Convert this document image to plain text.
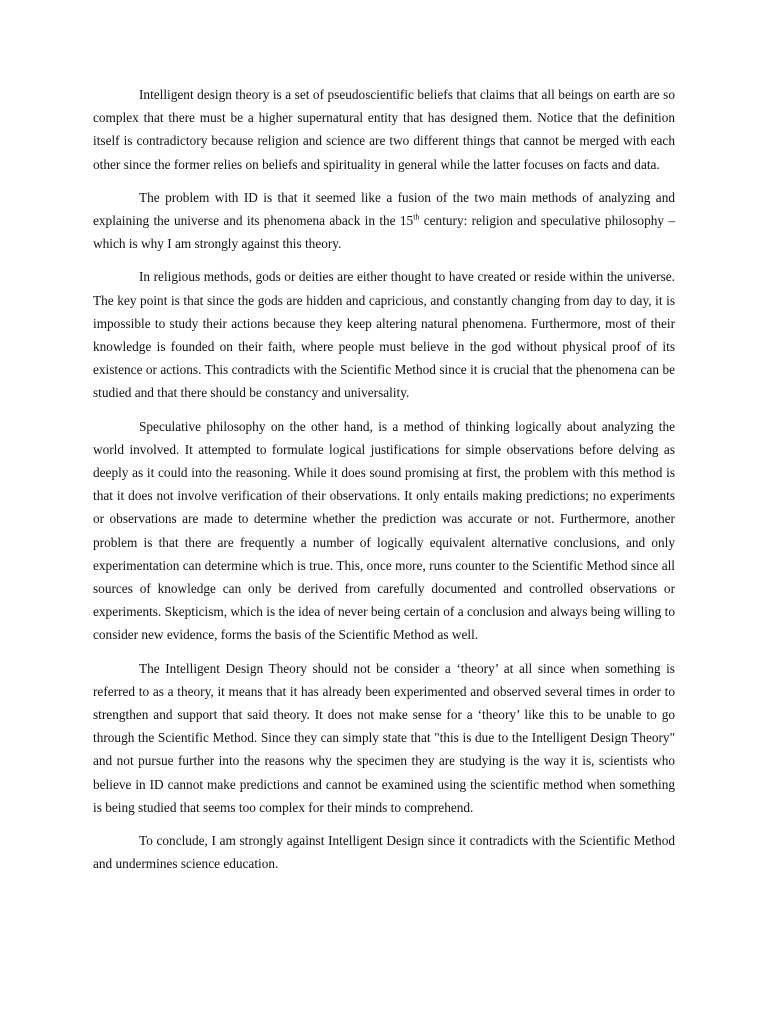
Intelligent design theory is a set of pseudoscientific beliefs that claims that all beings on earth are so complex that there must be a higher supernatural entity that has designed them. Notice that the definition itself is contradictory because religion and science are two different things that cannot be merged with each other since the former relies on beliefs and spirituality in general while the latter focuses on facts and data.

The problem with ID is that it seemed like a fusion of the two main methods of analyzing and explaining the universe and its phenomena aback in the 15th century: religion and speculative philosophy – which is why I am strongly against this theory.

In religious methods, gods or deities are either thought to have created or reside within the universe. The key point is that since the gods are hidden and capricious, and constantly changing from day to day, it is impossible to study their actions because they keep altering natural phenomena. Furthermore, most of their knowledge is founded on their faith, where people must believe in the god without physical proof of its existence or actions. This contradicts with the Scientific Method since it is crucial that the phenomena can be studied and that there should be constancy and universality.

Speculative philosophy on the other hand, is a method of thinking logically about analyzing the world involved. It attempted to formulate logical justifications for simple observations before delving as deeply as it could into the reasoning. While it does sound promising at first, the problem with this method is that it does not involve verification of their observations. It only entails making predictions; no experiments or observations are made to determine whether the prediction was accurate or not. Furthermore, another problem is that there are frequently a number of logically equivalent alternative conclusions, and only experimentation can determine which is true. This, once more, runs counter to the Scientific Method since all sources of knowledge can only be derived from carefully documented and controlled observations or experiments. Skepticism, which is the idea of never being certain of a conclusion and always being willing to consider new evidence, forms the basis of the Scientific Method as well.

The Intelligent Design Theory should not be consider a ‘theory’ at all since when something is referred to as a theory, it means that it has already been experimented and observed several times in order to strengthen and support that said theory. It does not make sense for a ‘theory’ like this to be unable to go through the Scientific Method. Since they can simply state that "this is due to the Intelligent Design Theory" and not pursue further into the reasons why the specimen they are studying is the way it is, scientists who believe in ID cannot make predictions and cannot be examined using the scientific method when something is being studied that seems too complex for their minds to comprehend.

To conclude, I am strongly against Intelligent Design since it contradicts with the Scientific Method and undermines science education.
